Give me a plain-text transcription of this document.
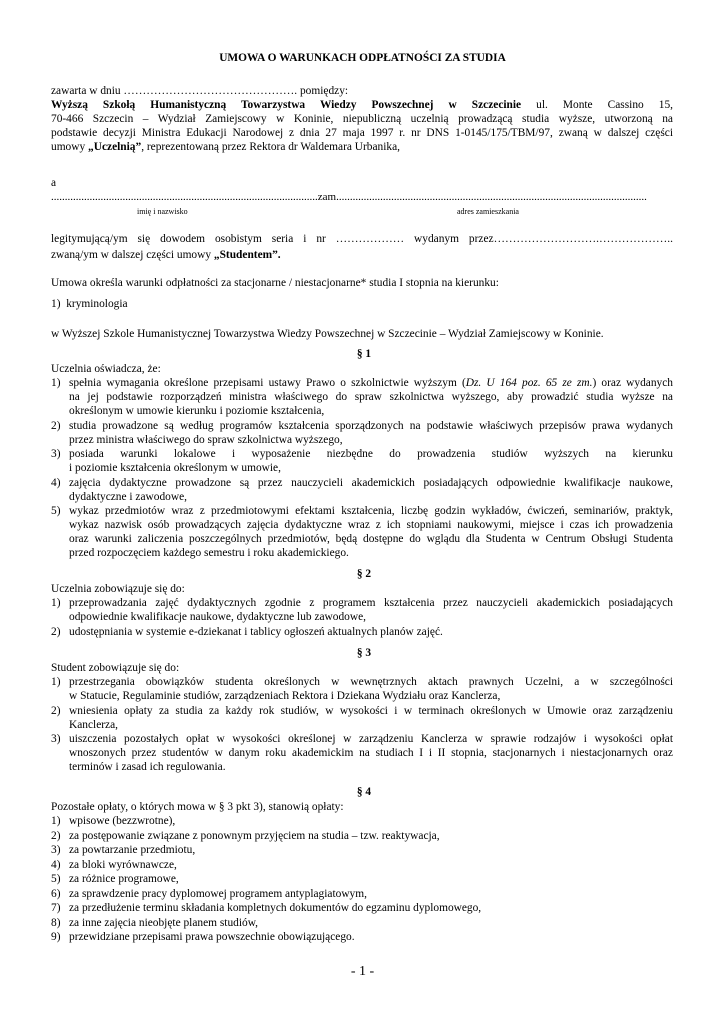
UMOWA O WARUNKACH ODPŁATNOŚCI ZA STUDIA
zawarta w dniu ………………………………………. pomiędzy:
Wyższą Szkołą Humanistyczną Towarzystwa Wiedzy Powszechnej w Szczecinie ul. Monte Cassino 15,
70-466 Szczecin – Wydział Zamiejscowy w Koninie, niepubliczną uczelnią prowadzącą studia wyższe, utworzoną na
podstawie decyzji Ministra Edukacji Narodowej z dnia 27 maja 1997 r. nr DNS 1-0145/175/TBM/97, zwaną w dalszej części
umowy „Uczelnią”, reprezentowaną przez Rektora dr Waldemara Urbanika,
a
.................................................................................................zam.................................................................................................................
imię i nazwisko	adres zamieszkania
legitymującą/ym się dowodem osobistym seria i nr ……………… wydanym przez……………………….………………..
zwaną/ym w dalszej części umowy „Studentem”.
Umowa określa warunki odpłatności za stacjonarne / niestacjonarne* studia I stopnia na kierunku:
1) kryminologia
w Wyższej Szkole Humanistycznej Towarzystwa Wiedzy Powszechnej w Szczecinie – Wydział Zamiejscowy w Koninie.
§ 1
Uczelnia oświadcza, że:
1) spełnia wymagania określone przepisami ustawy Prawo o szkolnictwie wyższym (Dz. U 164 poz. 65 ze zm.) oraz wydanych
na jej podstawie rozporządzeń ministra właściwego do spraw szkolnictwa wyższego, aby prowadzić studia wyższe na
określonym w umowie kierunku i poziomie kształcenia,
2) studia prowadzone są według programów kształcenia sporządzonych na podstawie właściwych przepisów prawa wydanych
przez ministra właściwego do spraw szkolnictwa wyższego,
3) posiada warunki lokalowe i wyposażenie niezbędne do prowadzenia studiów wyższych na kierunku
i poziomie kształcenia określonym w umowie,
4) zajęcia dydaktyczne prowadzone są przez nauczycieli akademickich posiadających odpowiednie kwalifikacje naukowe,
dydaktyczne i zawodowe,
5) wykaz przedmiotów wraz z przedmiotowymi efektami kształcenia, liczbę godzin wykładów, ćwiczeń, seminariów, praktyk,
wykaz nazwisk osób prowadzących zajęcia dydaktyczne wraz z ich stopniami naukowymi, miejsce i czas ich prowadzenia
oraz warunki zaliczenia poszczególnych przedmiotów, będą dostępne do wglądu dla Studenta w Centrum Obsługi Studenta
przed rozpoczęciem każdego semestru i roku akademickiego.
§ 2
Uczelnia zobowiązuje się do:
1) przeprowadzania zajęć dydaktycznych zgodnie z programem kształcenia przez nauczycieli akademickich posiadających
odpowiednie kwalifikacje naukowe, dydaktyczne lub zawodowe,
2) udostępniania w systemie e-dziekanat i tablicy ogłoszeń aktualnych planów zajęć.
§ 3
Student zobowiązuje się do:
1) przestrzegania obowiązków studenta określonych w wewnętrznych aktach prawnych Uczelni, a w szczególności
w Statucie, Regulaminie studiów, zarządzeniach Rektora i Dziekana Wydziału oraz Kanclerza,
2) wniesienia opłaty za studia za każdy rok studiów, w wysokości i w terminach określonych w Umowie oraz zarządzeniu
Kanclerza,
3) uiszczenia pozostałych opłat w wysokości określonej w zarządzeniu Kanclerza w sprawie rodzajów i wysokości opłat
wnoszonych przez studentów w danym roku akademickim na studiach I i II stopnia, stacjonarnych i niestacjonarnych oraz
terminów i zasad ich regulowania.
§ 4
Pozostałe opłaty, o których mowa w § 3 pkt 3), stanowią opłaty:
1) wpisowe (bezzwrotne),
2) za postępowanie związane z ponownym przyjęciem na studia – tzw. reaktywacja,
3) za powtarzanie przedmiotu,
4) za bloki wyrównawcze,
5) za różnice programowe,
6) za sprawdzenie pracy dyplomowej programem antyplagiatowym,
7) za przedłużenie terminu składania kompletnych dokumentów do egzaminu dyplomowego,
8) za inne zajęcia nieobjęte planem studiów,
9) przewidziane przepisami prawa powszechnie obowiązującego.
- 1 -
